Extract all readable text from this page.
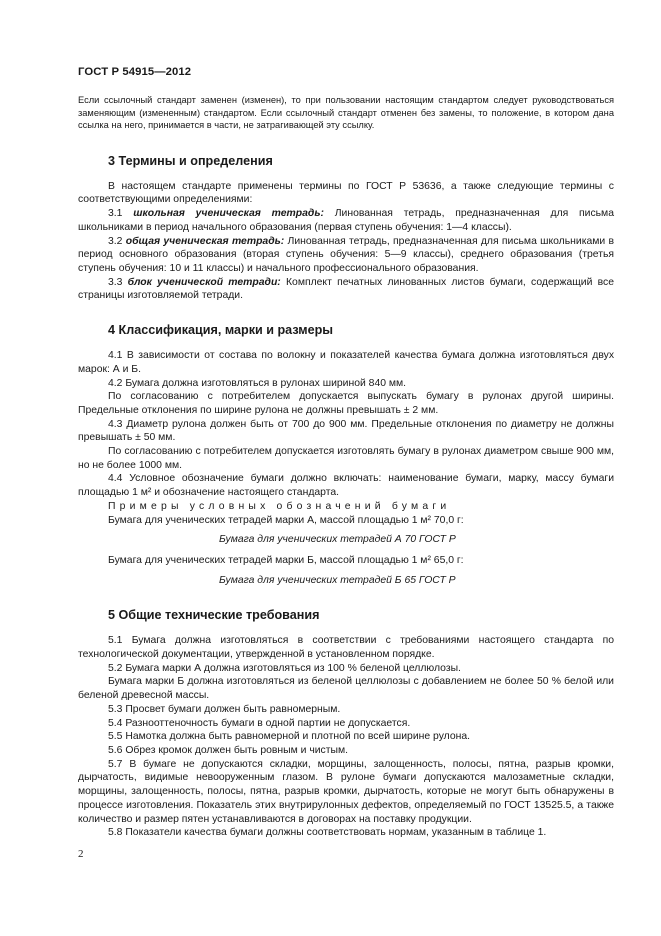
ГОСТ Р 54915—2012

Если ссылочный стандарт заменен (изменен), то при пользовании настоящим стандартом следует руководствоваться заменяющим (измененным) стандартом. Если ссылочный стандарт отменен без замены, то положение, в котором дана ссылка на него, принимается в части, не затрагивающей эту ссылку.

3 Термины и определения

В настоящем стандарте применены термины по ГОСТ Р 53636, а также следующие термины с соответствующими определениями:

3.1 школьная ученическая тетрадь: Линованная тетрадь, предназначенная для письма школьниками в период начального образования (первая ступень обучения: 1—4 классы).

3.2 общая ученическая тетрадь: Линованная тетрадь, предназначенная для письма школьниками в период основного образования (вторая ступень обучения: 5—9 классы), среднего образования (третья ступень обучения: 10 и 11 классы) и начального профессионального образования.

3.3 блок ученической тетради: Комплект печатных линованных листов бумаги, содержащий все страницы изготовляемой тетради.

4 Классификация, марки и размеры

4.1 В зависимости от состава по волокну и показателей качества бумага должна изготовляться двух марок: А и Б.

4.2 Бумага должна изготовляться в рулонах шириной 840 мм.

По согласованию с потребителем допускается выпускать бумагу в рулонах другой ширины. Предельные отклонения по ширине рулона не должны превышать ± 2 мм.

4.3 Диаметр рулона должен быть от 700 до 900 мм. Предельные отклонения по диаметру не должны превышать ± 50 мм.

По согласованию с потребителем допускается изготовлять бумагу в рулонах диаметром свыше 900 мм, но не более 1000 мм.

4.4 Условное обозначение бумаги должно включать: наименование бумаги, марку, массу бумаги площадью 1 м² и обозначение настоящего стандарта.

Примеры условных обозначений бумаги

Бумага для ученических тетрадей марки А, массой площадью 1 м² 70,0 г:

Бумага для ученических тетрадей А 70 ГОСТ Р

Бумага для ученических тетрадей марки Б, массой площадью 1 м² 65,0 г:

Бумага для ученических тетрадей Б 65 ГОСТ Р

5 Общие технические требования

5.1 Бумага должна изготовляться в соответствии с требованиями настоящего стандарта по технологической документации, утвержденной в установленном порядке.

5.2 Бумага марки А должна изготовляться из 100 % беленой целлюлозы.

Бумага марки Б должна изготовляться из беленой целлюлозы с добавлением не более 50 % белой или беленой древесной массы.

5.3 Просвет бумаги должен быть равномерным.

5.4 Разнооттеночность бумаги в одной партии не допускается.

5.5 Намотка должна быть равномерной и плотной по всей ширине рулона.

5.6 Обрез кромок должен быть ровным и чистым.

5.7 В бумаге не допускаются складки, морщины, залощенность, полосы, пятна, разрыв кромки, дырчатость, видимые невооруженным глазом. В рулоне бумаги допускаются малозаметные складки, морщины, залощенность, полосы, пятна, разрыв кромки, дырчатость, которые не могут быть обнаружены в процессе изготовления. Показатель этих внутрирулонных дефектов, определяемый по ГОСТ 13525.5, а также количество и размер пятен устанавливаются в договорах на поставку продукции.

5.8 Показатели качества бумаги должны соответствовать нормам, указанным в таблице 1.

2
